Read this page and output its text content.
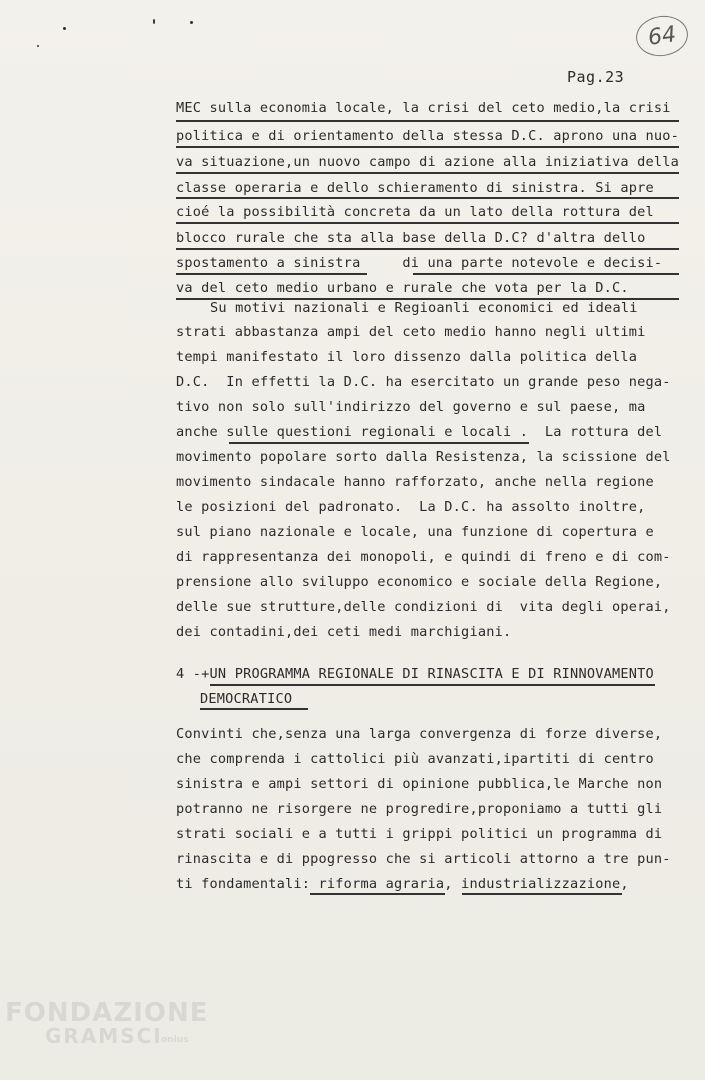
64
Pag.23
MEC sulla economia locale, la crisi del ceto medio,la crisi
politica e di orientamento della stessa D.C. aprono una nuo-
va situazione,un nuovo campo di azione alla iniziativa della
classe operaria e dello schieramento di sinistra. Si apre
cioé la possibilità concreta da un lato della rottura del
blocco rurale che sta alla base della D.C? d'altra dello
spostamento a sinistra     di una parte notevole e decisi-
va del ceto medio urbano e rurale che vota per la D.C.
Su motivi nazionali e Regioanli economici ed ideali
strati abbastanza ampi del ceto medio hanno negli ultimi
tempi manifestato il loro dissenzo dalla politica della
D.C.  In effetti la D.C. ha esercitato un grande peso nega-
tivo non solo sull'indirizzo del governo e sul paese, ma
anche sulle questioni regionali e locali .  La rottura del
movimento popolare sorto dalla Resistenza, la scissione del
movimento sindacale hanno rafforzato, anche nella regione
le posizioni del padronato.  La D.C. ha assolto inoltre,
sul piano nazionale e locale, una funzione di copertura e
di rappresentanza dei monopoli, e quindi di freno e di com-
prensione allo sviluppo economico e sociale della Regione,
delle sue strutture,delle condizioni di  vita degli operai,
dei contadini,dei ceti medi marchigiani.
4 -+UN PROGRAMMA REGIONALE DI RINASCITA E DI RINNOVAMENTO
DEMOCRATICO
Convinti che,senza una larga convergenza di forze diverse,
che comprenda i cattolici più avanzati,ipartiti di centro
sinistra e ampi settori di opinione pubblica,le Marche non
potranno ne risorgere ne progredire,proponiamo a tutti gli
strati sociali e a tutti i grippi politici un programma di
rinascita e di ppogresso che si articoli attorno a tre pun-
ti fondamentali: riforma agraria, industrializzazione,
FONDAZIONE
GRAMSCI
onlus
